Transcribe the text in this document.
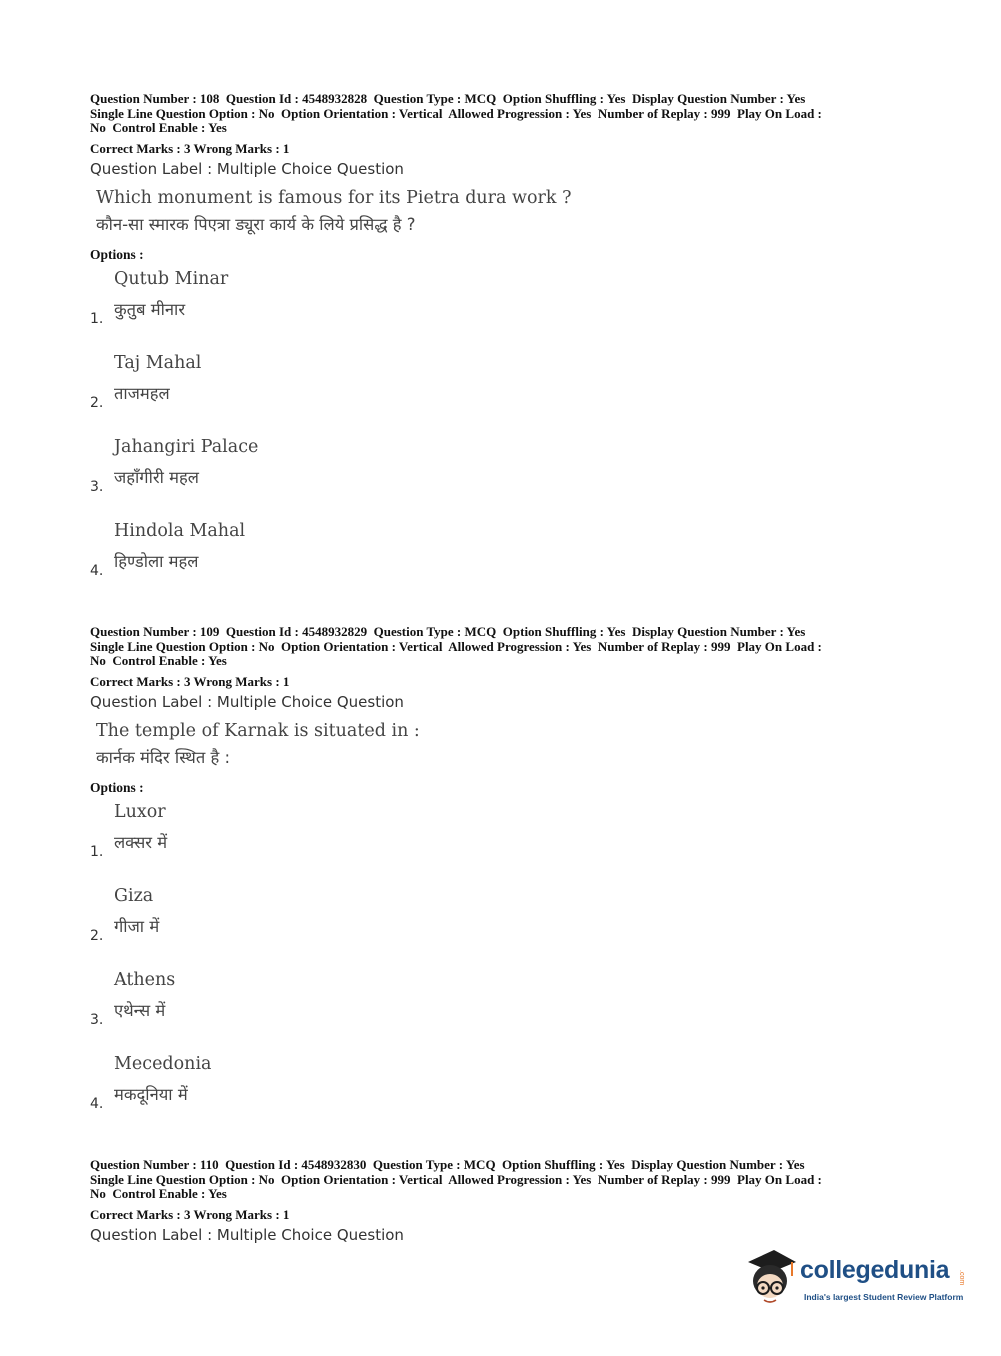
Question Number : 108  Question Id : 4548932828  Question Type : MCQ  Option Shuffling : Yes  Display Question Number : Yes
Single Line Question Option : No  Option Orientation : Vertical  Allowed Progression : Yes  Number of Replay : 999  Play On Load :
No  Control Enable : Yes
Correct Marks : 3 Wrong Marks : 1
Question Label : Multiple Choice Question
Which monument is famous for its Pietra dura work ?
कौन-सा स्मारक पिएत्रा ड्यूरा कार्य के लिये प्रसिद्ध है ?
Options :
Qutub Minar
कुतुब मीनार
1.
Taj Mahal
ताजमहल
2.
Jahangiri Palace
जहाँगीरी महल
3.
Hindola Mahal
हिण्डोला महल
4.
Question Number : 109  Question Id : 4548932829  Question Type : MCQ  Option Shuffling : Yes  Display Question Number : Yes
Single Line Question Option : No  Option Orientation : Vertical  Allowed Progression : Yes  Number of Replay : 999  Play On Load :
No  Control Enable : Yes
Correct Marks : 3 Wrong Marks : 1
Question Label : Multiple Choice Question
The temple of Karnak is situated in :
कार्नक मंदिर स्थित है :
Options :
Luxor
लक्सर में
1.
Giza
गीजा में
2.
Athens
एथेन्स में
3.
Mecedonia
मकदूनिया में
4.
Question Number : 110  Question Id : 4548932830  Question Type : MCQ  Option Shuffling : Yes  Display Question Number : Yes
Single Line Question Option : No  Option Orientation : Vertical  Allowed Progression : Yes  Number of Replay : 999  Play On Load :
No  Control Enable : Yes
Correct Marks : 3 Wrong Marks : 1
Question Label : Multiple Choice Question
collegedunia .com
India's largest Student Review Platform
